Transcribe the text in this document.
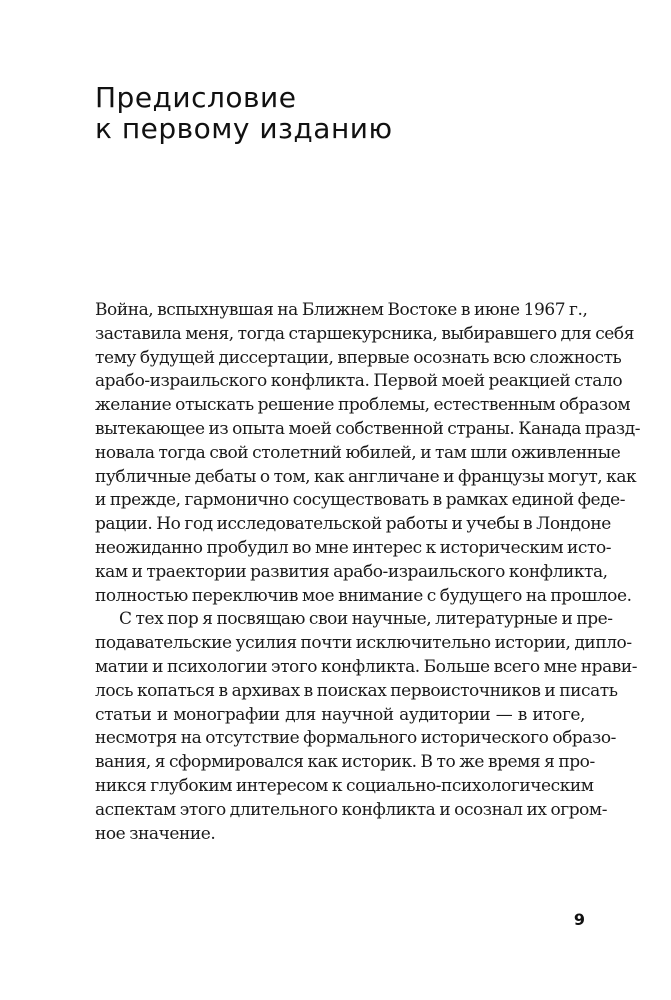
Предисловие
к первому изданию

Война, вспыхнувшая на Ближнем Востоке в июне 1967 г.,
заставила меня, тогда старшекурсника, выбиравшего для себя
тему будущей диссертации, впервые осознать всю сложность
арабо-израильского конфликта. Первой моей реакцией стало
желание отыскать решение проблемы, естественным образом
вытекающее из опыта моей собственной страны. Канада празд-
новала тогда свой столетний юбилей, и там шли оживленные
публичные дебаты о том, как англичане и французы могут, как
и прежде, гармонично сосуществовать в рамках единой феде-
рации. Но год исследовательской работы и учебы в Лондоне
неожиданно пробудил во мне интерес к историческим исто-
кам и траектории развития арабо-израильского конфликта,
полностью переключив мое внимание с будущего на прошлое.

С тех пор я посвящаю свои научные, литературные и пре-
подавательские усилия почти исключительно истории, дипло-
матии и психологии этого конфликта. Больше всего мне нрави-
лось копаться в архивах в поисках первоисточников и писать
статьи и монографии для научной аудитории — в итоге,
несмотря на отсутствие формального исторического образо-
вания, я сформировался как историк. В то же время я про-
никся глубоким интересом к социально-психологическим
аспектам этого длительного конфликта и осознал их огром-
ное значение.

9
